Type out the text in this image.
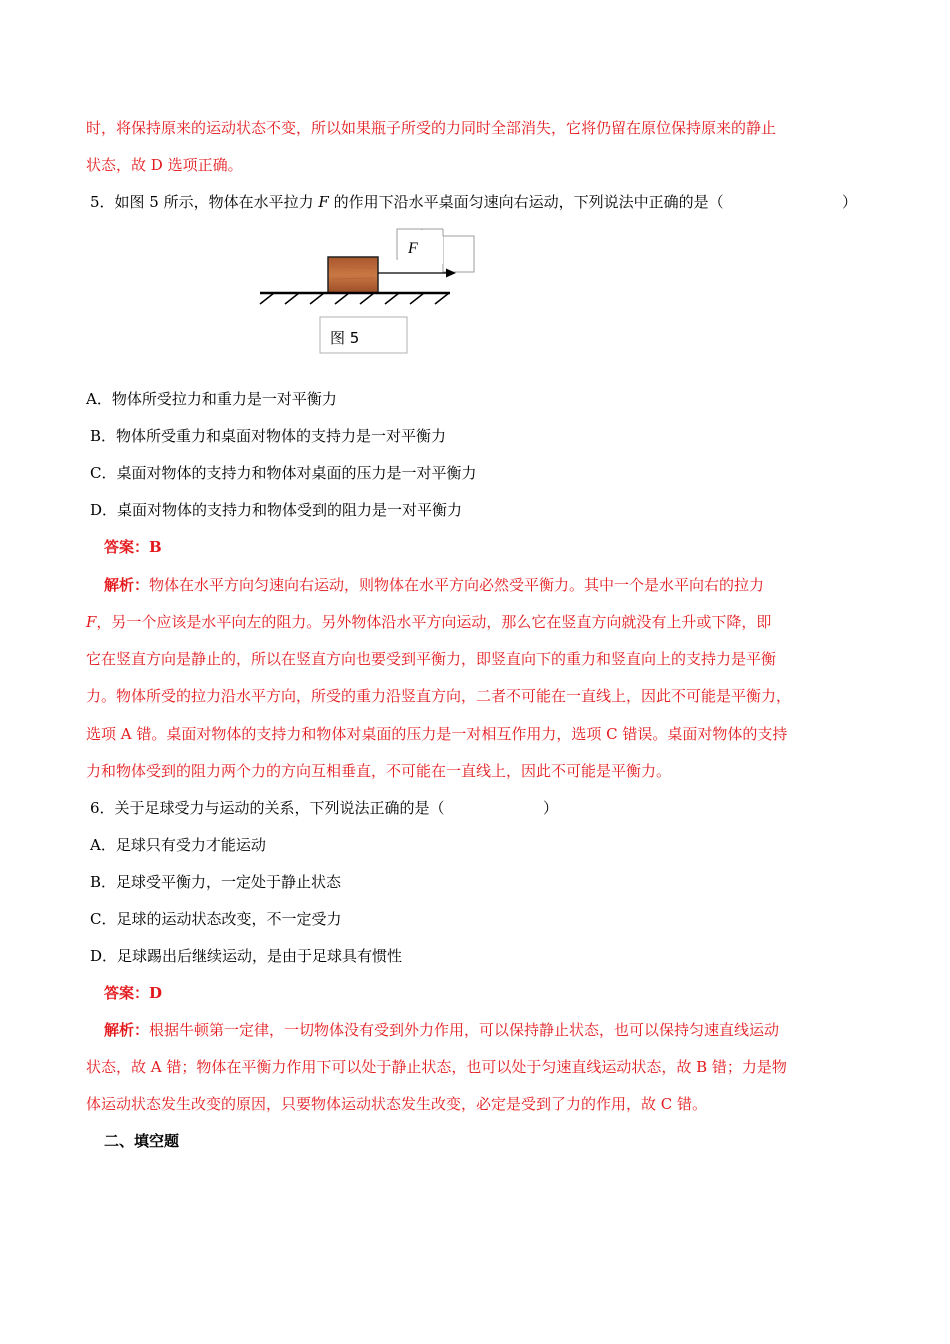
时，将保持原来的运动状态不变，所以如果瓶子所受的力同时全部消失，它将仍留在原位保持原来的静止
状态，故 D 选项正确。
5．如图 5 所示，物体在水平拉力 F 的作用下沿水平桌面匀速向右运动，下列说法中正确的是（	）
F
图 5
A．物体所受拉力和重力是一对平衡力
B．物体所受重力和桌面对物体的支持力是一对平衡力
C．桌面对物体的支持力和物体对桌面的压力是一对平衡力
D．桌面对物体的支持力和物体受到的阻力是一对平衡力
答案：B
解析：物体在水平方向匀速向右运动，则物体在水平方向必然受平衡力。其中一个是水平向右的拉力
F，另一个应该是水平向左的阻力。另外物体沿水平方向运动，那么它在竖直方向就没有上升或下降，即
它在竖直方向是静止的，所以在竖直方向也要受到平衡力，即竖直向下的重力和竖直向上的支持力是平衡
力。物体所受的拉力沿水平方向，所受的重力沿竖直方向，二者不可能在一直线上，因此不可能是平衡力，
选项 A 错。桌面对物体的支持力和物体对桌面的压力是一对相互作用力，选项 C 错误。桌面对物体的支持
力和物体受到的阻力两个力的方向互相垂直，不可能在一直线上，因此不可能是平衡力。
6．关于足球受力与运动的关系，下列说法正确的是（	）
A．足球只有受力才能运动
B．足球受平衡力，一定处于静止状态
C．足球的运动状态改变，不一定受力
D．足球踢出后继续运动，是由于足球具有惯性
答案：D
解析：根据牛顿第一定律，一切物体没有受到外力作用，可以保持静止状态，也可以保持匀速直线运动
状态，故 A 错；物体在平衡力作用下可以处于静止状态，也可以处于匀速直线运动状态，故 B 错；力是物
体运动状态发生改变的原因，只要物体运动状态发生改变，必定是受到了力的作用，故 C 错。
二、填空题
